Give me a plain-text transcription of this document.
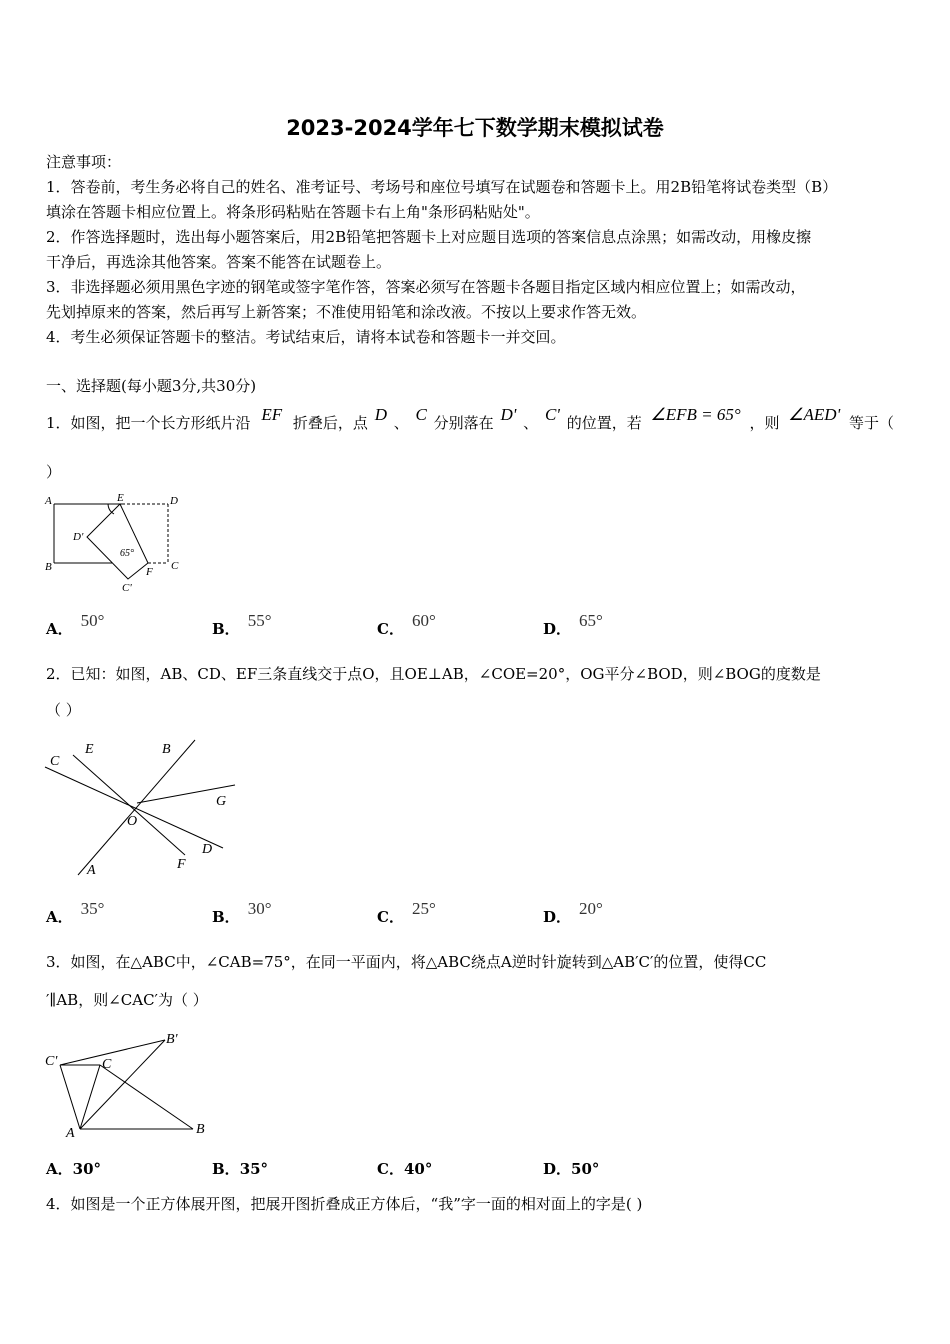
2023-2024学年七下数学期末模拟试卷
注意事项：
1．答卷前，考生务必将自己的姓名、准考证号、考场号和座位号填写在试题卷和答题卡上。用2B铅笔将试卷类型（B）
填涂在答题卡相应位置上。将条形码粘贴在答题卡右上角"条形码粘贴处"。
2．作答选择题时，选出每小题答案后，用2B铅笔把答题卡上对应题目选项的答案信息点涂黑；如需改动，用橡皮擦
干净后，再选涂其他答案。答案不能答在试题卷上。
3．非选择题必须用黑色字迹的钢笔或签字笔作答，答案必须写在答题卡各题目指定区域内相应位置上；如需改动，
先划掉原来的答案，然后再写上新答案；不准使用铅笔和涂改液。不按以上要求作答无效。
4．考生必须保证答题卡的整洁。考试结束后，请将本试卷和答题卡一并交回。
一、选择题(每小题3分,共30分)
1．如图，把一个长方形纸片沿 EF 折叠后，点 D 、 C 分别落在 D' 、 C' 的位置，若 ∠EFB = 65° ，则 ∠AED' 等于（
）
A	E	D
D'
B
65°
F C
C'
A． 50°	B． 55°	C． 60°	D． 65°
2．已知：如图，AB、CD、EF三条直线交于点O，且OE⊥AB，∠COE=20°，OG平分∠BOD，则∠BOG的度数是
（ ）
C
E	B
G
O
D
F
A
A． 35°	B． 30°	C． 25°	D． 20°
3．如图，在△ABC中，∠CAB=75°，在同一平面内，将△ABC绕点A逆时针旋转到△AB′C′的位置，使得CC
′∥AB，则∠CAC′为（ ）
C'	C
B'
A	B
A．30°	B．35°	C．40°	D．50°
4．如图是一个正方体展开图，把展开图折叠成正方体后，“我”字一面的相对面上的字是( )
